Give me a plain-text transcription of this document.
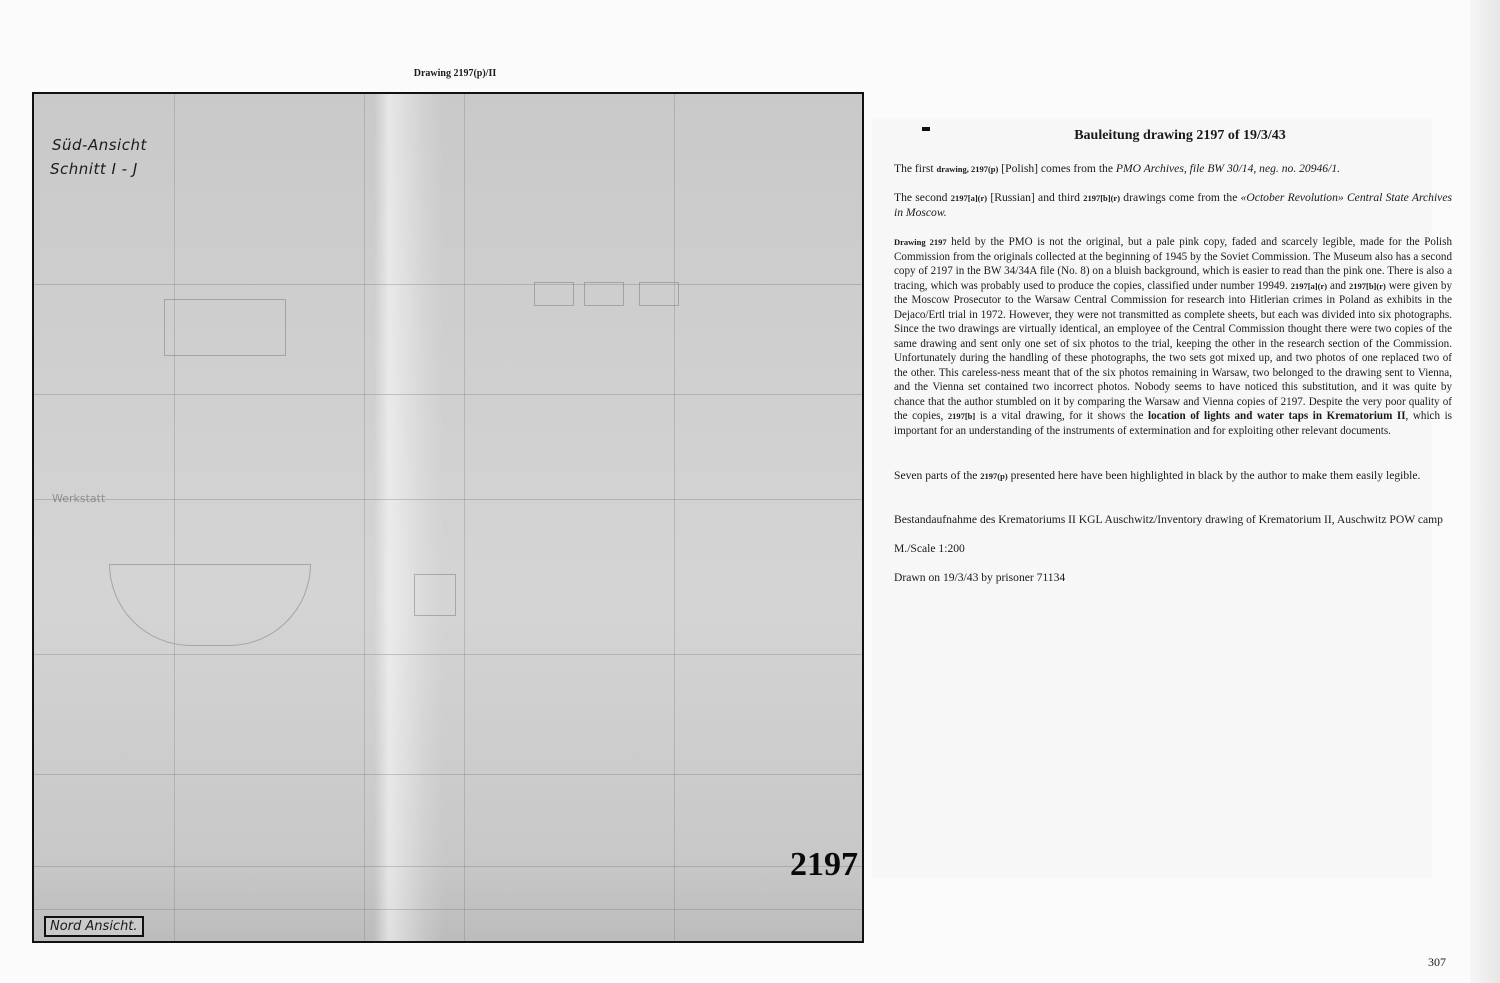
Drawing 2197(p)/II
Süd-Ansicht
Schnitt I - J
Werkstatt
2197
Nord Ansicht.
Bauleitung drawing 2197 of 19/3/43
The first drawing, 2197(p) [Polish] comes from the PMO Archives, file BW 30/14, neg. no. 20946/1.
The second 2197[a](r) [Russian] and third 2197[b](r) drawings come from the «October Revolution» Central State Archives in Moscow.
Drawing 2197 held by the PMO is not the original, but a pale pink copy, faded and scarcely legible, made for the Polish Commission from the originals collected at the beginning of 1945 by the Soviet Commission. The Museum also has a second copy of 2197 in the BW 34/34A file (No. 8) on a bluish background, which is easier to read than the pink one. There is also a tracing, which was probably used to produce the copies, classified under number 19949. 2197[a](r) and 2197[b](r) were given by the Moscow Prosecutor to the Warsaw Central Commission for research into Hitlerian crimes in Poland as exhibits in the Dejaco/Ertl trial in 1972. However, they were not transmitted as complete sheets, but each was divided into six photographs. Since the two drawings are virtually identical, an employee of the Central Commission thought there were two copies of the same drawing and sent only one set of six photos to the trial, keeping the other in the research section of the Commission. Unfortunately during the handling of these photographs, the two sets got mixed up, and two photos of one replaced two of the other. This careless-ness meant that of the six photos remaining in Warsaw, two belonged to the drawing sent to Vienna, and the Vienna set contained two incorrect photos. Nobody seems to have noticed this substitution, and it was quite by chance that the author stumbled on it by comparing the Warsaw and Vienna copies of 2197. Despite the very poor quality of the copies, 2197[b] is a vital drawing, for it shows the location of lights and water taps in Krematorium II, which is important for an understanding of the instruments of extermination and for exploiting other relevant documents.
Seven parts of the 2197(p) presented here have been highlighted in black by the author to make them easily legible.
Bestandaufnahme des Krematoriums II KGL Auschwitz/Inventory drawing of Krematorium II, Auschwitz POW camp
M./Scale 1:200
Drawn on 19/3/43 by prisoner 71134
307
